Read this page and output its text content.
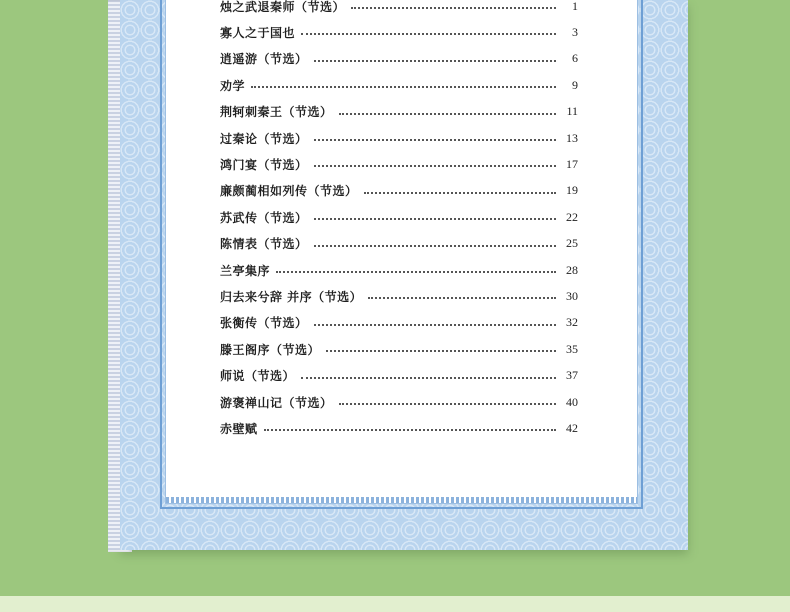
烛之武退秦师（节选）	1
寡人之于国也	3
逍遥游（节选）	6
劝学	9
荆轲刺秦王（节选）	11
过秦论（节选）	13
鸿门宴（节选）	17
廉颇蔺相如列传（节选）	19
苏武传（节选）	22
陈情表（节选）	25
兰亭集序	28
归去来兮辞 并序（节选）	30
张衡传（节选）	32
滕王阁序（节选）	35
师说（节选）	37
游褒禅山记（节选）	40
赤壁赋	42
